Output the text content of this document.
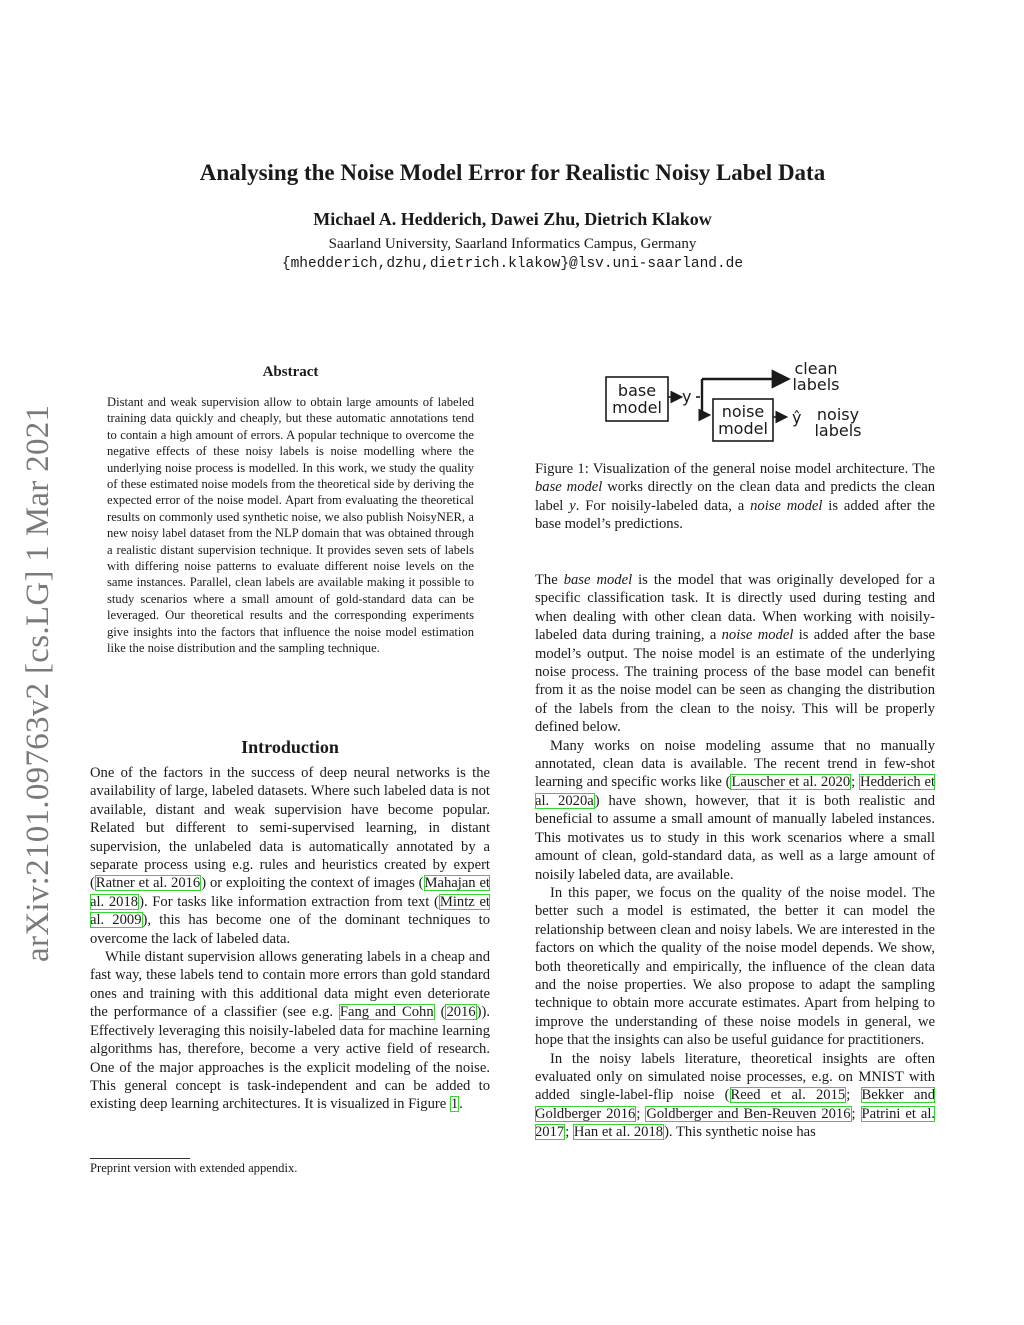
arXiv:2101.09763v2 [cs.LG] 1 Mar 2021
Analysing the Noise Model Error for Realistic Noisy Label Data
Michael A. Hedderich, Dawei Zhu, Dietrich Klakow
Saarland University, Saarland Informatics Campus, Germany
{mhedderich,dzhu,dietrich.klakow}@lsv.uni-saarland.de
Abstract
Distant and weak supervision allow to obtain large amounts of labeled training data quickly and cheaply, but these automatic annotations tend to contain a high amount of errors. A popular technique to overcome the negative effects of these noisy labels is noise modelling where the underlying noise process is modelled. In this work, we study the quality of these estimated noise models from the theoretical side by deriving the expected error of the noise model. Apart from evaluating the theoretical results on commonly used synthetic noise, we also publish NoisyNER, a new noisy label dataset from the NLP domain that was obtained through a realistic distant supervision technique. It provides seven sets of labels with differing noise patterns to evaluate different noise levels on the same instances. Parallel, clean labels are available making it possible to study scenarios where a small amount of gold-standard data can be leveraged. Our theoretical results and the corresponding experiments give insights into the factors that influence the noise model estimation like the noise distribution and the sampling technique.
Introduction

One of the factors in the success of deep neural networks is the availability of large, labeled datasets. Where such labeled data is not available, distant and weak supervision have become popular. Related but different to semi-supervised learning, in distant supervision, the unlabeled data is automatically annotated by a separate process using e.g. rules and heuristics created by expert (Ratner et al. 2016) or exploiting the context of images (Mahajan et al. 2018). For tasks like information extraction from text (Mintz et al. 2009), this has become one of the dominant techniques to overcome the lack of labeled data.

While distant supervision allows generating labels in a cheap and fast way, these labels tend to contain more errors than gold standard ones and training with this additional data might even deteriorate the performance of a classifier (see e.g. Fang and Cohn (2016)). Effectively leveraging this noisily-labeled data for machine learning algorithms has, therefore, become a very active field of research. One of the major approaches is the explicit modeling of the noise. This general concept is task-independent and can be added to existing deep learning architectures. It is visualized in Figure 1.

Preprint version with extended appendix.
base
model
y
noise
model
ŷ
clean
labels
noisy
labels
Figure 1: Visualization of the general noise model architecture. The base model works directly on the clean data and predicts the clean label y. For noisily-labeled data, a noise model is added after the base model’s predictions.

The base model is the model that was originally developed for a specific classification task. It is directly used during testing and when dealing with other clean data. When working with noisily-labeled data during training, a noise model is added after the base model’s output. The noise model is an estimate of the underlying noise process. The training process of the base model can benefit from it as the noise model can be seen as changing the distribution of the labels from the clean to the noisy. This will be properly defined below.

Many works on noise modeling assume that no manually annotated, clean data is available. The recent trend in few-shot learning and specific works like (Lauscher et al. 2020; Hedderich et al. 2020a) have shown, however, that it is both realistic and beneficial to assume a small amount of manually labeled instances. This motivates us to study in this work scenarios where a small amount of clean, gold-standard data, as well as a large amount of noisily labeled data, are available.

In this paper, we focus on the quality of the noise model. The better such a model is estimated, the better it can model the relationship between clean and noisy labels. We are interested in the factors on which the quality of the noise model depends. We show, both theoretically and empirically, the influence of the clean data and the noise properties. We also propose to adapt the sampling technique to obtain more accurate estimates. Apart from helping to improve the understanding of these noise models in general, we hope that the insights can also be useful guidance for practitioners.

In the noisy labels literature, theoretical insights are often evaluated only on simulated noise processes, e.g. on MNIST with added single-label-flip noise (Reed et al. 2015; Bekker and Goldberger 2016; Goldberger and Ben-Reuven 2016; Patrini et al. 2017; Han et al. 2018). This synthetic noise has
